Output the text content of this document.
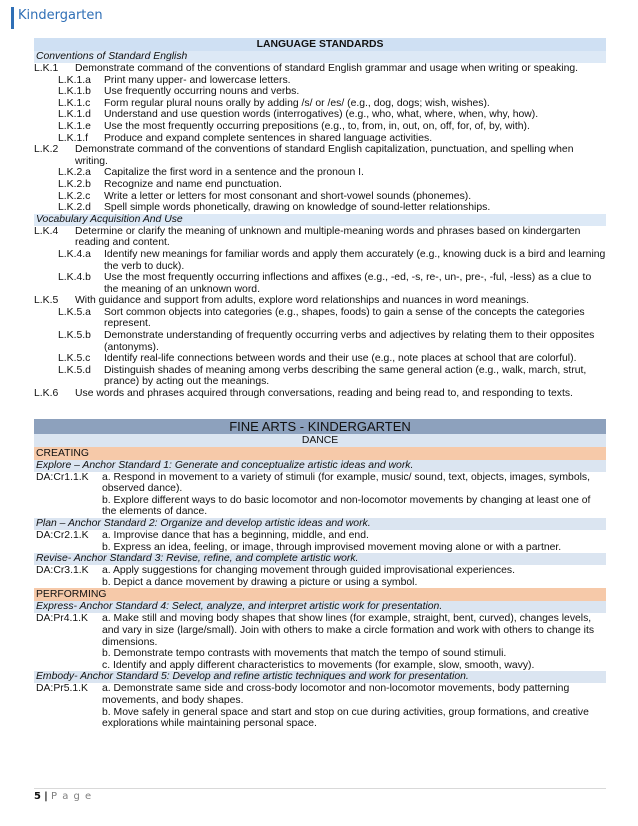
Kindergarten
LANGUAGE STANDARDS
Conventions of Standard English
L.K.1	Demonstrate command of the conventions of standard English grammar and usage when writing or speaking.
L.K.1.a	Print many upper- and lowercase letters.
L.K.1.b	Use frequently occurring nouns and verbs.
L.K.1.c	Form regular plural nouns orally by adding /s/ or /es/ (e.g., dog, dogs; wish, wishes).
L.K.1.d	Understand and use question words (interrogatives) (e.g., who, what, where, when, why, how).
L.K.1.e	Use the most frequently occurring prepositions (e.g., to, from, in, out, on, off, for, of, by, with).
L.K.1.f	Produce and expand complete sentences in shared language activities.
L.K.2	Demonstrate command of the conventions of standard English capitalization, punctuation, and spelling when writing.
L.K.2.a	Capitalize the first word in a sentence and the pronoun I.
L.K.2.b	Recognize and name end punctuation.
L.K.2.c	Write a letter or letters for most consonant and short-vowel sounds (phonemes).
L.K.2.d	Spell simple words phonetically, drawing on knowledge of sound-letter relationships.
Vocabulary Acquisition And Use
L.K.4	Determine or clarify the meaning of unknown and multiple-meaning words and phrases based on kindergarten reading and content.
L.K.4.a	Identify new meanings for familiar words and apply them accurately (e.g., knowing duck is a bird and learning the verb to duck).
L.K.4.b	Use the most frequently occurring inflections and affixes (e.g., -ed, -s, re-, un-, pre-, -ful, -less) as a clue to the meaning of an unknown word.
L.K.5	With guidance and support from adults, explore word relationships and nuances in word meanings.
L.K.5.a	Sort common objects into categories (e.g., shapes, foods) to gain a sense of the concepts the categories represent.
L.K.5.b	Demonstrate understanding of frequently occurring verbs and adjectives by relating them to their opposites (antonyms).
L.K.5.c	Identify real-life connections between words and their use (e.g., note places at school that are colorful).
L.K.5.d	Distinguish shades of meaning among verbs describing the same general action (e.g., walk, march, strut, prance) by acting out the meanings.
L.K.6	Use words and phrases acquired through conversations, reading and being read to, and responding to texts.
FINE ARTS - KINDERGARTEN
DANCE
CREATING
Explore – Anchor Standard 1: Generate and conceptualize artistic ideas and work.
DA:Cr1.1.K	a. Respond in movement to a variety of stimuli (for example, music/ sound, text, objects, images, symbols, observed dance).
b. Explore different ways to do basic locomotor and non-locomotor movements by changing at least one of the elements of dance.
Plan – Anchor Standard 2: Organize and develop artistic ideas and work.
DA:Cr2.1.K	a. Improvise dance that has a beginning, middle, and end.
b. Express an idea, feeling, or image, through improvised movement moving alone or with a partner.
Revise- Anchor Standard 3: Revise, refine, and complete artistic work.
DA:Cr3.1.K	a. Apply suggestions for changing movement through guided improvisational experiences.
b. Depict a dance movement by drawing a picture or using a symbol.
PERFORMING
Express- Anchor Standard 4: Select, analyze, and interpret artistic work for presentation.
DA:Pr4.1.K	a. Make still and moving body shapes that show lines (for example, straight, bent, curved), changes levels, and vary in size (large/small). Join with others to make a circle formation and work with others to change its dimensions.
b. Demonstrate tempo contrasts with movements that match the tempo of sound stimuli.
c. Identify and apply different characteristics to movements (for example, slow, smooth, wavy).
Embody- Anchor Standard 5: Develop and refine artistic techniques and work for presentation.
DA:Pr5.1.K	a. Demonstrate same side and cross-body locomotor and non-locomotor movements, body patterning movements, and body shapes.
b. Move safely in general space and start and stop on cue during activities, group formations, and creative explorations while maintaining personal space.
5 | P a g e
